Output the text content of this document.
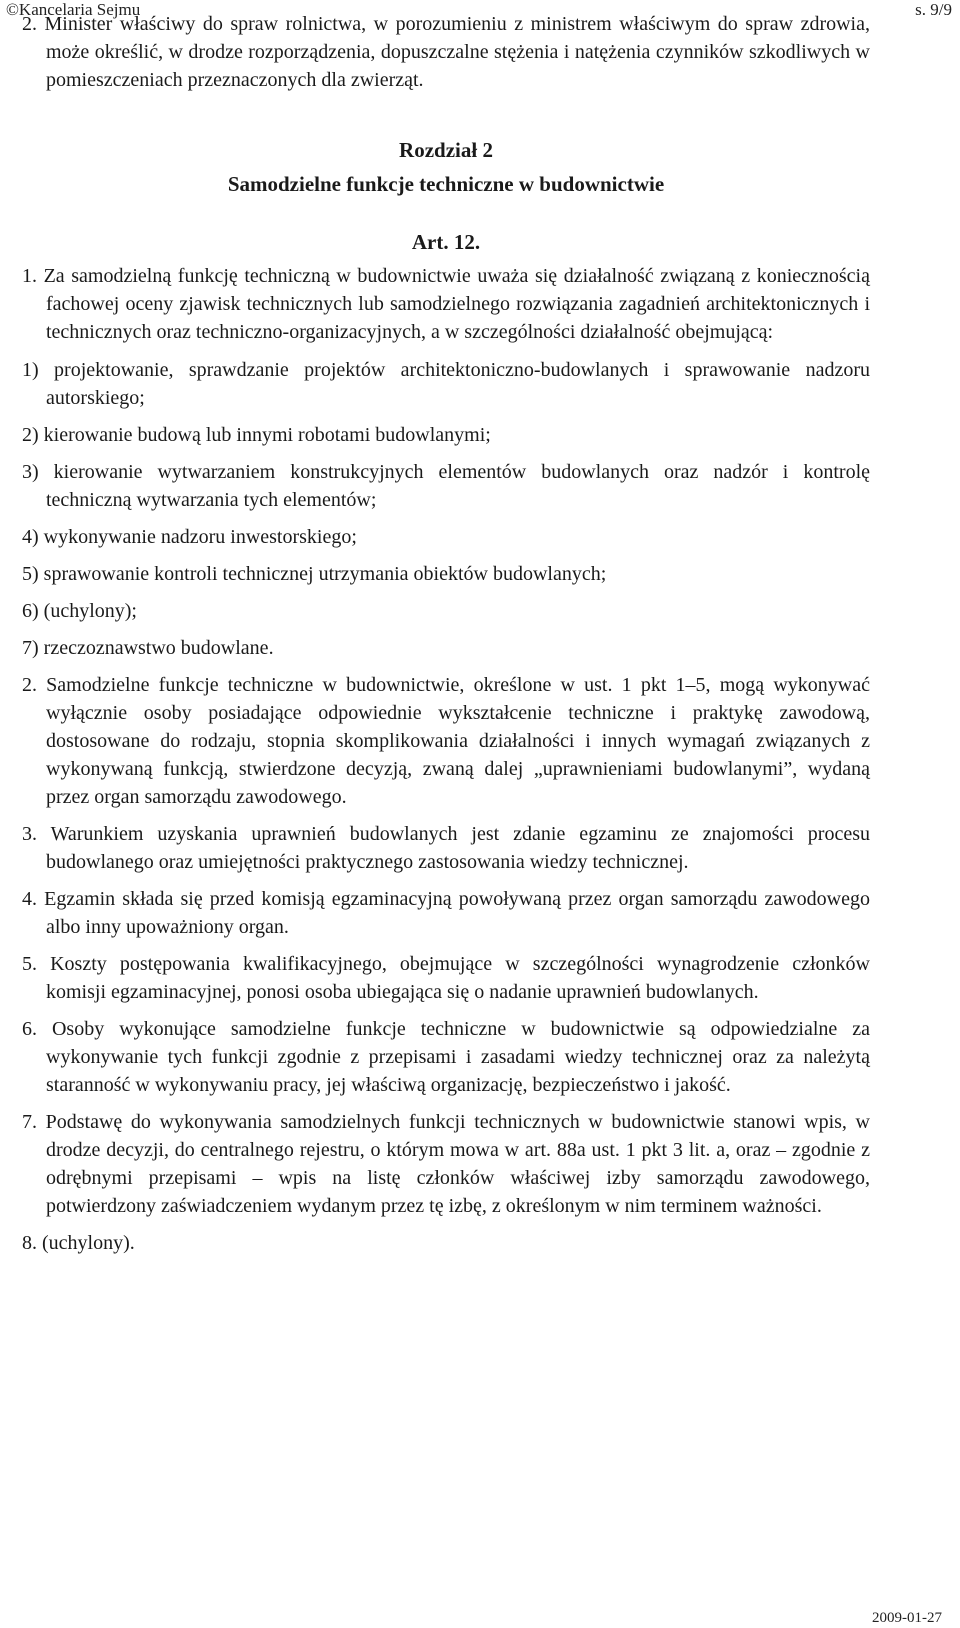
©Kancelaria Sejmu	s. 9/9

2. Minister właściwy do spraw rolnictwa, w porozumieniu z ministrem właściwym do spraw zdrowia, może określić, w drodze rozporządzenia, dopuszczalne stężenia i natężenia czynników szkodliwych w pomieszczeniach przeznaczonych dla zwierząt.

Rozdział 2
Samodzielne funkcje techniczne w budownictwie
Art. 12.

1. Za samodzielną funkcję techniczną w budownictwie uważa się działalność związaną z koniecznością fachowej oceny zjawisk technicznych lub samodzielnego rozwiązania zagadnień architektonicznych i technicznych oraz techniczno-organizacyjnych, a w szczególności działalność obejmującą:

1) projektowanie, sprawdzanie projektów architektoniczno-budowlanych i sprawowanie nadzoru autorskiego;
2) kierowanie budową lub innymi robotami budowlanymi;
3) kierowanie wytwarzaniem konstrukcyjnych elementów budowlanych oraz nadzór i kontrolę techniczną wytwarzania tych elementów;
4) wykonywanie nadzoru inwestorskiego;
5) sprawowanie kontroli technicznej utrzymania obiektów budowlanych;
6) (uchylony);
7) rzeczoznawstwo budowlane.

2. Samodzielne funkcje techniczne w budownictwie, określone w ust. 1 pkt 1–5, mogą wykonywać wyłącznie osoby posiadające odpowiednie wykształcenie techniczne i praktykę zawodową, dostosowane do rodzaju, stopnia skomplikowania działalności i innych wymagań związanych z wykonywaną funkcją, stwierdzone decyzją, zwaną dalej „uprawnieniami budowlanymi”, wydaną przez organ samorządu zawodowego.

3. Warunkiem uzyskania uprawnień budowlanych jest zdanie egzaminu ze znajomości procesu budowlanego oraz umiejętności praktycznego zastosowania wiedzy technicznej.

4. Egzamin składa się przed komisją egzaminacyjną powoływaną przez organ samorządu zawodowego albo inny upoważniony organ.

5. Koszty postępowania kwalifikacyjnego, obejmujące w szczególności wynagrodzenie członków komisji egzaminacyjnej, ponosi osoba ubiegająca się o nadanie uprawnień budowlanych.

6. Osoby wykonujące samodzielne funkcje techniczne w budownictwie są odpowiedzialne za wykonywanie tych funkcji zgodnie z przepisami i zasadami wiedzy technicznej oraz za należytą staranność w wykonywaniu pracy, jej właściwą organizację, bezpieczeństwo i jakość.

7. Podstawę do wykonywania samodzielnych funkcji technicznych w budownictwie stanowi wpis, w drodze decyzji, do centralnego rejestru, o którym mowa w art. 88a ust. 1 pkt 3 lit. a, oraz – zgodnie z odrębnymi przepisami – wpis na listę członków właściwej izby samorządu zawodowego, potwierdzony zaświadczeniem wydanym przez tę izbę, z określonym w nim terminem ważności.

8. (uchylony).

2009-01-27
